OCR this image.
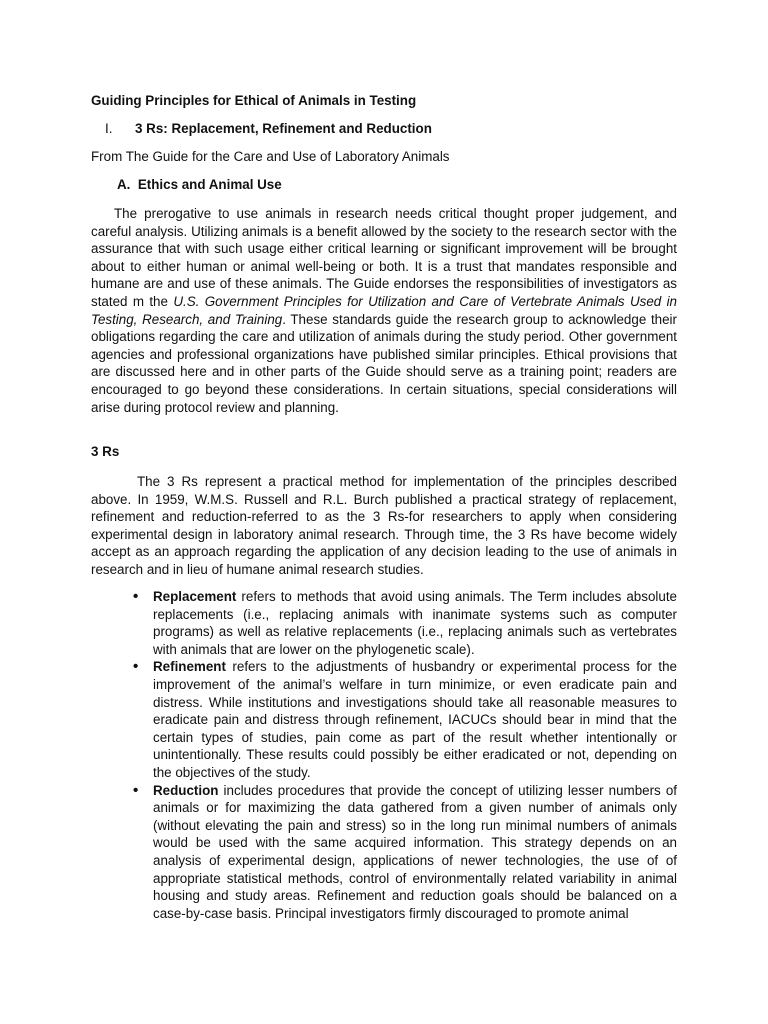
Guiding Principles for Ethical of Animals in Testing

I. 3 Rs: Replacement, Refinement and Reduction

From The Guide for the Care and Use of Laboratory Animals

A.  Ethics and Animal Use

The prerogative to use animals in research needs critical thought proper judgement, and careful analysis. Utilizing animals is a benefit allowed by the society to the research sector with the assurance that with such usage either critical learning or significant improvement will be brought about to either human or animal well-being or both. It is a trust that mandates responsible and humane are and use of these animals. The Guide endorses the responsibilities of investigators as stated m the U.S. Government Principles for Utilization and Care of Vertebrate Animals Used in Testing, Research, and Training. These standards guide the research group to acknowledge their obligations regarding the care and utilization of animals during the study period. Other government agencies and professional organizations have published similar principles. Ethical provisions that are discussed here and in other parts of the Guide should serve as a training point; readers are encouraged to go beyond these considerations. In certain situations, special considerations will arise during protocol review and planning.

3 Rs

The 3 Rs represent a practical method for implementation of the principles described above. In 1959, W.M.S. Russell and R.L. Burch published a practical strategy of replacement, refinement and reduction-referred to as the 3 Rs-for researchers to apply when considering experimental design in laboratory animal research. Through time, the 3 Rs have become widely accept as an approach regarding the application of any decision leading to the use of animals in research and in lieu of humane animal research studies.

•	Replacement refers to methods that avoid using animals. The Term includes absolute replacements (i.e., replacing animals with inanimate systems such as computer programs) as well as relative replacements (i.e., replacing animals such as vertebrates with animals that are lower on the phylogenetic scale).
•	Refinement refers to the adjustments of husbandry or experimental process for the improvement of the animal’s welfare in turn minimize, or even eradicate pain and distress. While institutions and investigations should take all reasonable measures to eradicate pain and distress through refinement, IACUCs should bear in mind that the certain types of studies, pain come as part of the result whether intentionally or unintentionally. These results could possibly be either eradicated or not, depending on the objectives of the study.
•	Reduction includes procedures that provide the concept of utilizing lesser numbers of animals or for maximizing the data gathered from a given number of animals only (without elevating the pain and stress) so in the long run minimal numbers of animals would be used with the same acquired information. This strategy depends on an analysis of experimental design, applications of newer technologies, the use of of appropriate statistical methods, control of environmentally related variability in animal housing and study areas. Refinement and reduction goals should be balanced on a case-by-case basis. Principal investigators firmly discouraged to promote animal
